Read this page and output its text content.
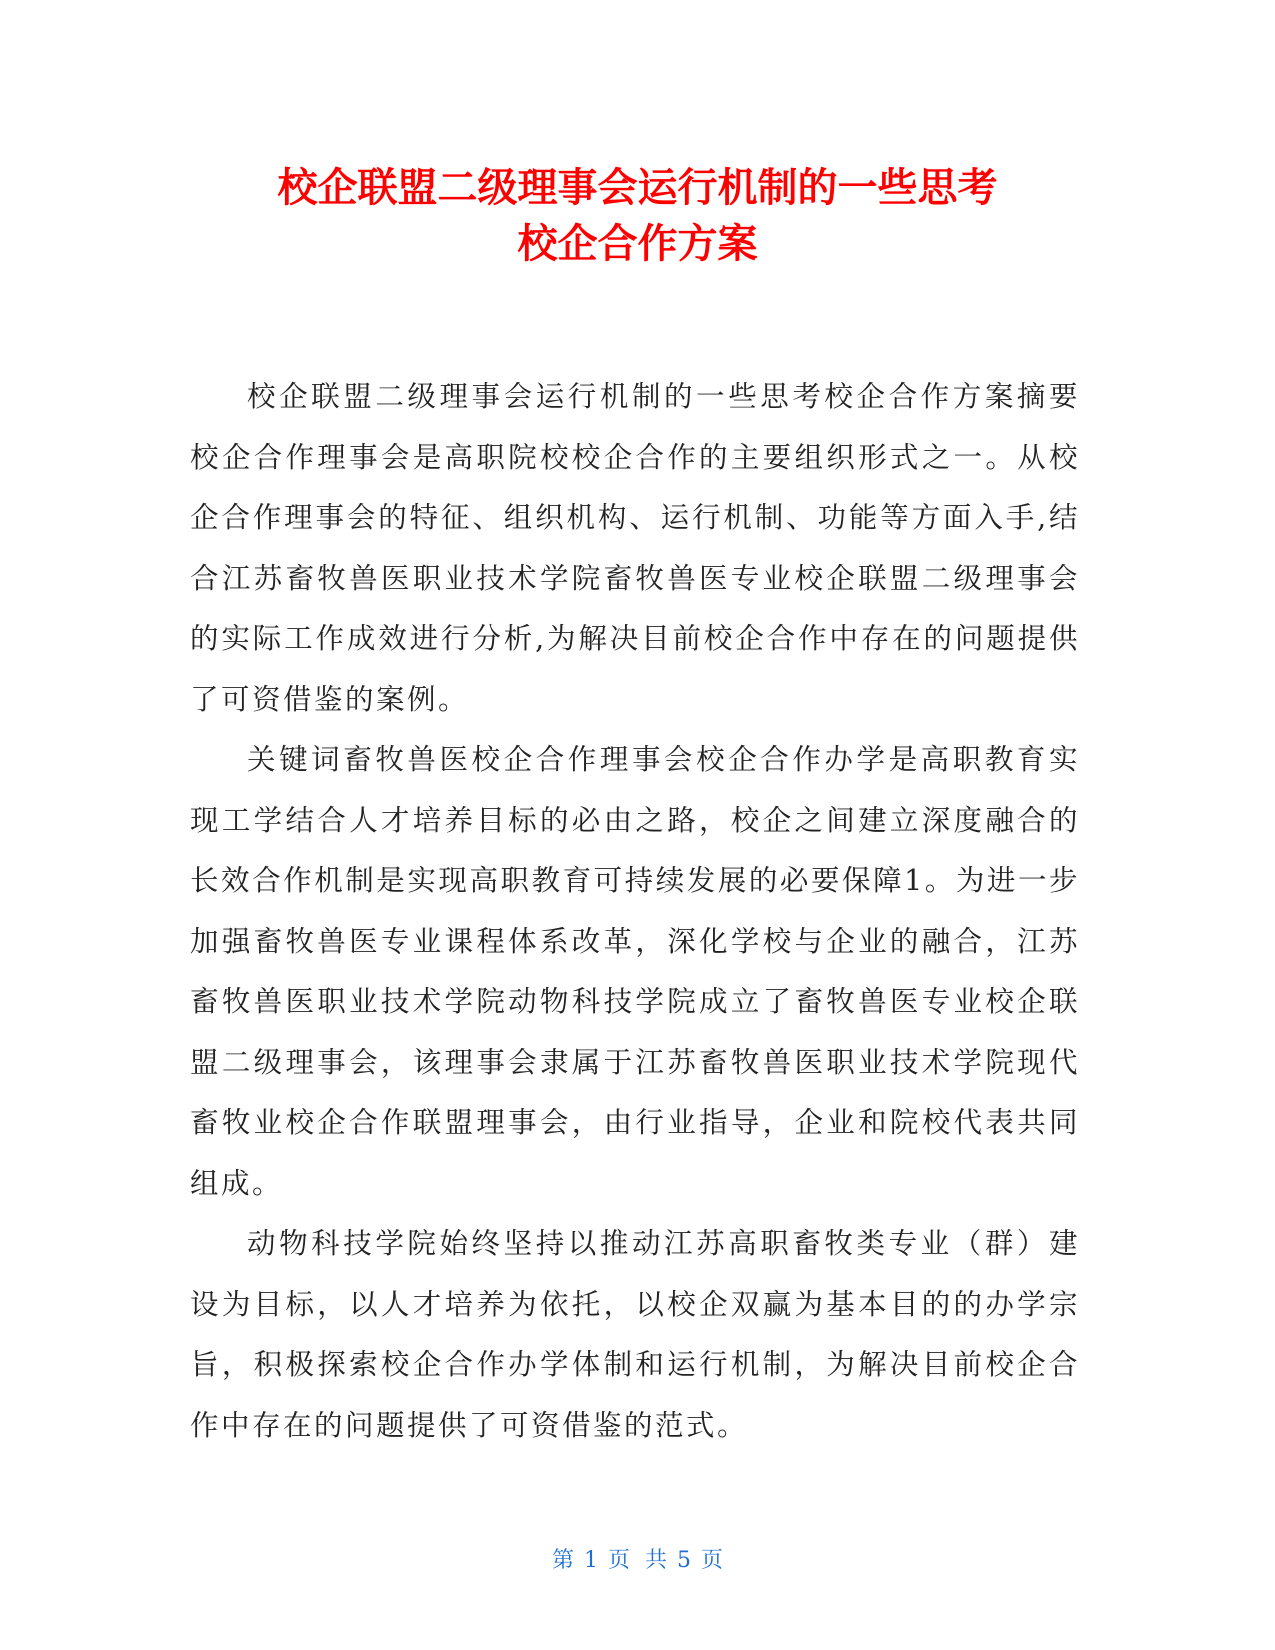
校企联盟二级理事会运行机制的一些思考

校企合作方案

校企联盟二级理事会运行机制的一些思考校企合作方案摘要校企合作理事会是高职院校校企合作的主要组织形式之一。从校企合作理事会的特征、组织机构、运行机制、功能等方面入手,结合江苏畜牧兽医职业技术学院畜牧兽医专业校企联盟二级理事会的实际工作成效进行分析,为解决目前校企合作中存在的问题提供了可资借鉴的案例。

关键词畜牧兽医校企合作理事会校企合作办学是高职教育实现工学结合人才培养目标的必由之路，校企之间建立深度融合的长效合作机制是实现高职教育可持续发展的必要保障1。为进一步加强畜牧兽医专业课程体系改革，深化学校与企业的融合，江苏畜牧兽医职业技术学院动物科技学院成立了畜牧兽医专业校企联盟二级理事会，该理事会隶属于江苏畜牧兽医职业技术学院现代畜牧业校企合作联盟理事会，由行业指导，企业和院校代表共同组成。

动物科技学院始终坚持以推动江苏高职畜牧类专业（群）建设为目标，以人才培养为依托，以校企双赢为基本目的的办学宗旨，积极探索校企合作办学体制和运行机制，为解决目前校企合作中存在的问题提供了可资借鉴的范式。

第 1 页 共 5 页
